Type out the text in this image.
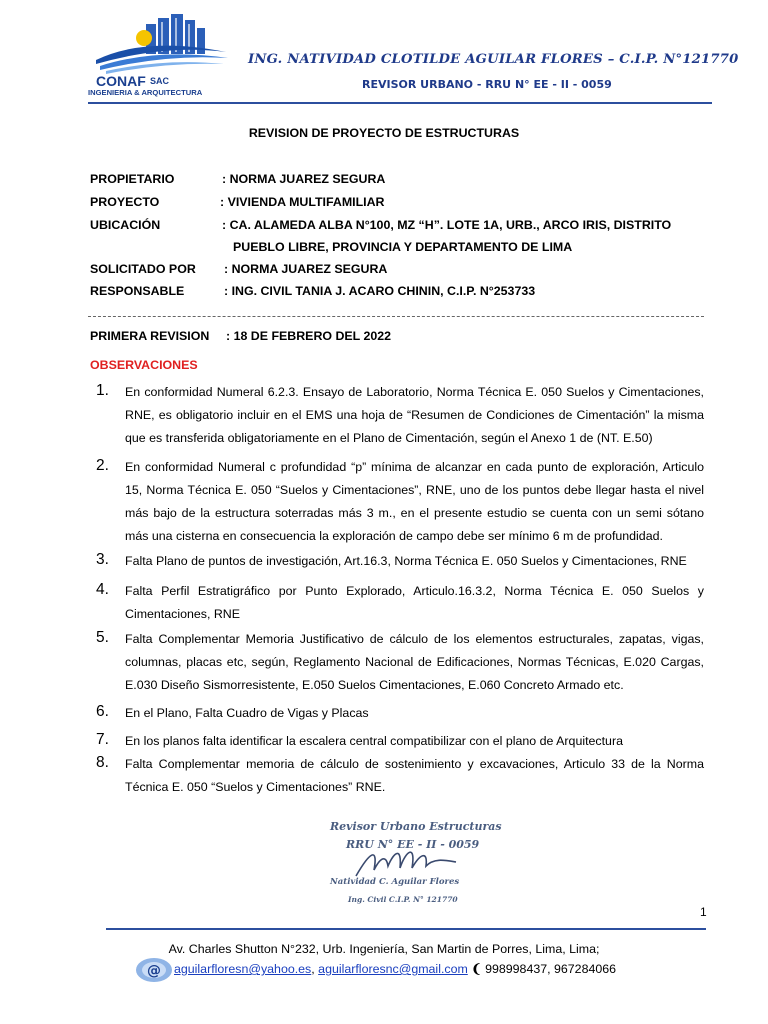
CONAF SAC
INGENIERIA & ARQUITECTURA
ING. NATIVIDAD CLOTILDE AGUILAR FLORES – C.I.P. N°121770
REVISOR URBANO - RRU N° EE - II - 0059
REVISION DE PROYECTO DE ESTRUCTURAS
PROPIETARIO	: NORMA JUAREZ SEGURA
PROYECTO	: VIVIENDA MULTIFAMILIAR
UBICACIÓN	: CA. ALAMEDA ALBA N°100, MZ “H”. LOTE 1A, URB., ARCO IRIS, DISTRITO
PUEBLO LIBRE, PROVINCIA Y DEPARTAMENTO DE LIMA
SOLICITADO POR : NORMA JUAREZ SEGURA
RESPONSABLE	: ING. CIVIL TANIA J. ACARO CHININ, C.I.P. N°253733
PRIMERA REVISION : 18 DE FEBRERO DEL 2022
OBSERVACIONES
1. En conformidad Numeral 6.2.3. Ensayo de Laboratorio, Norma Técnica E. 050 Suelos y Cimentaciones, RNE, es obligatorio incluir en el EMS una hoja de “Resumen de Condiciones de Cimentación” la misma que es transferida obligatoriamente en el Plano de Cimentación, según el Anexo 1 de (NT. E.50)
2. En conformidad Numeral c profundidad “p” mínima de alcanzar en cada punto de exploración, Articulo 15, Norma Técnica E. 050 “Suelos y Cimentaciones”, RNE, uno de los puntos debe llegar hasta el nivel más bajo de la estructura soterradas más 3 m., en el presente estudio se cuenta con un semi sótano más una cisterna en consecuencia la exploración de campo debe ser mínimo 6 m de profundidad.
3. Falta Plano de puntos de investigación, Art.16.3, Norma Técnica E. 050 Suelos y Cimentaciones, RNE
4. Falta Perfil Estratigráfico por Punto Explorado, Articulo.16.3.2, Norma Técnica E. 050 Suelos y Cimentaciones, RNE
5. Falta Complementar Memoria Justificativo de cálculo de los elementos estructurales, zapatas, vigas, columnas, placas etc, según, Reglamento Nacional de Edificaciones, Normas Técnicas, E.020 Cargas, E.030 Diseño Sismorresistente, E.050 Suelos Cimentaciones, E.060 Concreto Armado etc.
6. En el Plano, Falta Cuadro de Vigas y Placas
7. En los planos falta identificar la escalera central compatibilizar con el plano de Arquitectura
8. Falta Complementar memoria de cálculo de sostenimiento y excavaciones, Articulo 33 de la Norma Técnica E. 050 “Suelos y Cimentaciones” RNE.
Revisor Urbano Estructuras
RRU N° EE - II - 0059
Natividad C. Aguilar Flores
Ing. Civil C.I.P. N° 121770
1
Av. Charles Shutton N°232, Urb. Ingeniería, San Martin de Porres, Lima, Lima;
@	aguilarfloresn@yahoo.es, aguilarfloresnc@gmail.com ❨ 998998437, 967284066
